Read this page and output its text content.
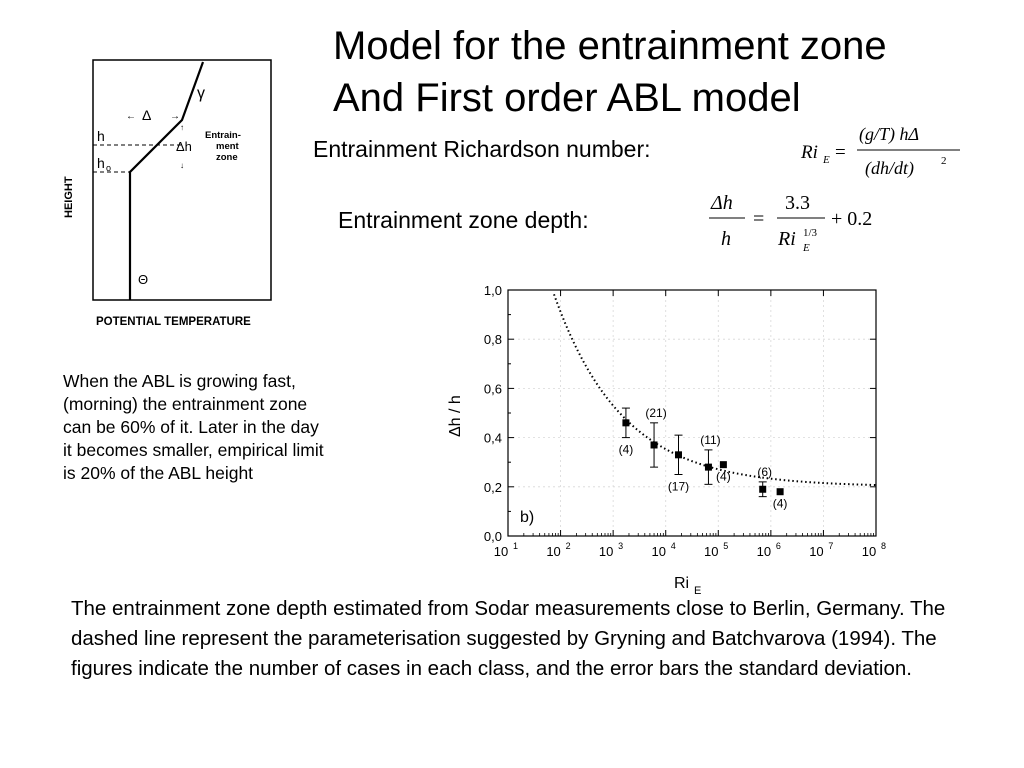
Model for the entrainment zone
And First order ABL model
Entrainment Richardson number:	Ri E =
(g/T) hΔ
(dh/dt) 2
Entrainment zone depth:
Δh
h
=
3.3
Ri 1/3
E
+ 0.2
HEIGHT
POTENTIAL TEMPERATURE
h
h o
Δ
←	→
γ
↑
Δh
↓
Entrain-
ment
zone
Θ
When the ABL is growing fast, (morning) the entrainment zone can be 60% of it. Later in the day it becomes smaller, empirical limit is 20% of the ABL height
0,0
0,2
0,4
0,6
0,8
1,0
10 1 10 2 10 3 10 4 10 5 10 6 10 7 10 8
(4)
(21)
(17)
(11)
(4) (6)
(4)
Δh / h
Ri E
b)
The entrainment zone depth estimated from Sodar measurements close to Berlin, Germany. The dashed line represent the parameterisation suggested by Gryning and Batchvarova (1994). The figures indicate the number of cases in each class, and the error bars the standard deviation.
